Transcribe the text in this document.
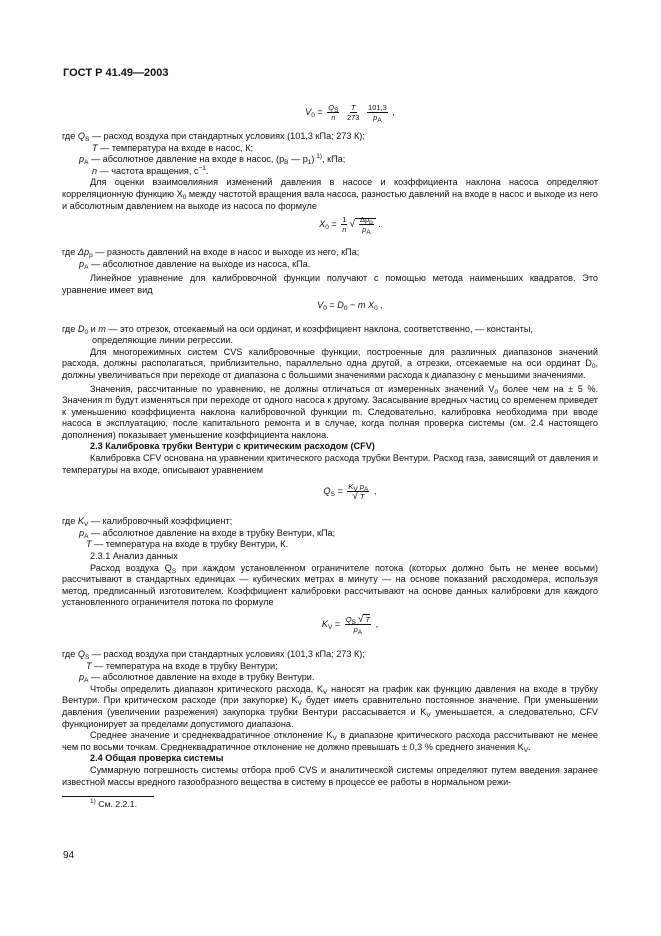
ГОСТ Р 41.49—2003
$V_0 = \frac{Q_S}{n}$
$\frac{T}{273}$
$\frac{101,3}{p_A}$ ,
где $Q_S$ — расход воздуха при стандартных условиях (101,3 кПа; 273 К);
T — температура на входе в насос, К;
$p_A$ — абсолютное давление на входе в насос, ($p_B$ — $p_1$) $^{1)}$, кПа;
n — частота вращения, $с^{-1}$.

Для оценки взаимовлияния изменений давления в насосе и коэффициента наклона насоса определяют корреляционную функцию $X_0$ между частотой вращения вала насоса, разностью давлений на входе в насос и выходе из него и абсолютным давлением на выходе из насоса по формуле

$X_0 = \frac{1}{n}$ √ $\frac{\Delta p_p}{p_A}$ .
где $\Delta p_p$ — разность давлений на входе в насос и выходе из него, кПа;
$p_A$ — абсолютное давление на выходе из насоса, кПа.

Линейное уравнение для калибровочной функции получают с помощью метода наименьших квадратов. Это уравнение имеет вид

$V_0 = D_0 - m$ $X_0$ ,
где $D_0$ и m — это отрезок, отсекаемый на оси ординат, и коэффициент наклона, соответственно, — константы,
определяющие линии регрессии.

Для многорежимных систем CVS калибровочные функции, построенные для различных диапазонов значений расхода, должны располагаться, приблизительно, параллельно одна другой, а отрезки, отсекаемые на оси ординат $D_0$, должны увеличиваться при переходе от диапазона с большими значениями расхода к диапазону с меньшими значениями.

Значения, рассчитанные по уравнению, не должны отличаться от измеренных значений $V_0$ более чем на ± 5 %. Значения m будут изменяться при переходе от одного насоса к другому. Засасывание вредных частиц со временем приведет к уменьшению коэффициента наклона калибровочной функции m. Следовательно, калибровка необходима при вводе насоса в эксплуатацию, после капитального ремонта и в случае, когда полная проверка системы (см. 2.4 настоящего дополнения) показывает уменьшение коэффициента наклона.

2.3 Калибровка трубки Вентури с критическим расходом (CFV)

Калибровка CFV основана на уравнении критического расхода трубки Вентури. Расход газа, зависящий от давления и температуры на входе, описывают уравнением

$Q_S = \frac{K_V p_A}{√ T}$ ,
где $K_V$ — калибровочный коэффициент;
$p_A$ — абсолютное давление на входе в трубку Вентури, кПа;
T — температура на входе в трубку Вентури, К.

2.3.1 Анализ данных

Расход воздуха $Q_S$ при каждом установленном ограничителе потока (которых должно быть не менее восьми) рассчитывают в стандартных единицах — кубических метрах в минуту — на основе показаний расходомера, используя метод, предписанный изготовителем. Коэффициент калибровки рассчитывают на основе данных калибровки для каждого установленного ограничителя потока по формуле

$K_V = \frac{Q_S √ T}{p_A}$ ,
где $Q_S$ — расход воздуха при стандартных условиях (101,3 кПа; 273 К);
T — температура на входе в трубку Вентури;
$p_A$ — абсолютное давление на входе в трубку Вентури.

Чтобы определить диапазон критического расхода, $K_V$ наносят на график как функцию давления на входе в трубку Вентури. При критическом расходе (при закупорке) $K_V$ будет иметь сравнительно постоянное значение. При уменьшении давления (увеличении разрежения) закупорка трубки Вентури рассасывается и $K_V$ уменьшается, а следовательно, CFV функционирует за пределами допустимого диапазона.

Среднее значение и среднеквадратичное отклонение $K_V$ в диапазоне критического расхода рассчитывают не менее чем по восьми точкам. Среднеквадратичное отклонение не должно превышать ± 0,3 % среднего значения $K_V$.

2.4 Общая проверка системы

Суммарную погрешность системы отбора проб CVS и аналитической системы определяют путем введения заранее известной массы вредного газообразного вещества в систему в процессе ее работы в нормальном режи-

$^{1)}$ См. 2.2.1.
94
